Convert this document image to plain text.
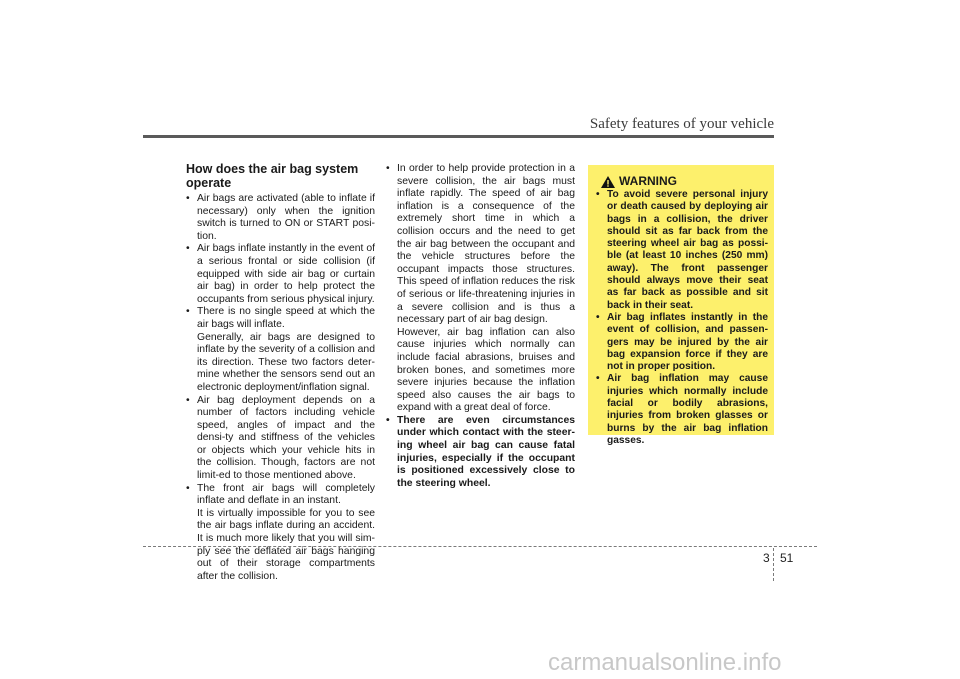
Safety features of your vehicle
How does the air bag system operate
• Air bags are activated (able to inflate if necessary) only when the ignition switch is turned to ON or START posi-tion.
• Air bags inflate instantly in the event of a serious frontal or side collision (if equipped with side air bag or curtain air bag) in order to help protect the occupants from serious physical injury.
• There is no single speed at which the air bags will inflate.

Generally, air bags are designed to inflate by the severity of a collision and its direction. These two factors deter-mine whether the sensors send out an electronic deployment/inflation signal.

• Air bag deployment depends on a number of factors including vehicle speed, angles of impact and the densi-ty and stiffness of the vehicles or objects which your vehicle hits in the collision. Though, factors are not limit-ed to those mentioned above.
• The front air bags will completely inflate and deflate in an instant.

It is virtually impossible for you to see the air bags inflate during an accident. It is much more likely that you will sim-ply see the deflated air bags hanging out of their storage compartments after the collision.

• In order to help provide protection in a severe collision, the air bags must inflate rapidly. The speed of air bag inflation is a consequence of the extremely short time in which a collision occurs and the need to get the air bag between the occupant and the vehicle structures before the occupant impacts those structures. This speed of inflation reduces the risk of serious or life-threatening injuries in a severe collision and is thus a necessary part of air bag design.

However, air bag inflation can also cause injuries which normally can include facial abrasions, bruises and broken bones, and sometimes more severe injuries because the inflation speed also causes the air bags to expand with a great deal of force.

• There are even circumstances under which contact with the steer-ing wheel air bag can cause fatal injuries, especially if the occupant is positioned excessively close to the steering wheel.
WARNING
• To avoid severe personal injury or death caused by deploying air bags in a collision, the driver should sit as far back from the steering wheel air bag as possi-ble (at least 10 inches (250 mm) away). The front passenger should always move their seat as far back as possible and sit back in their seat.
• Air bag inflates instantly in the event of collision, and passen-gers may be injured by the air bag expansion force if they are not in proper position.
• Air bag inflation may cause injuries which normally include facial or bodily abrasions, injuries from broken glasses or burns by the air bag inflation gasses.
3 51
carmanualsonline.info
